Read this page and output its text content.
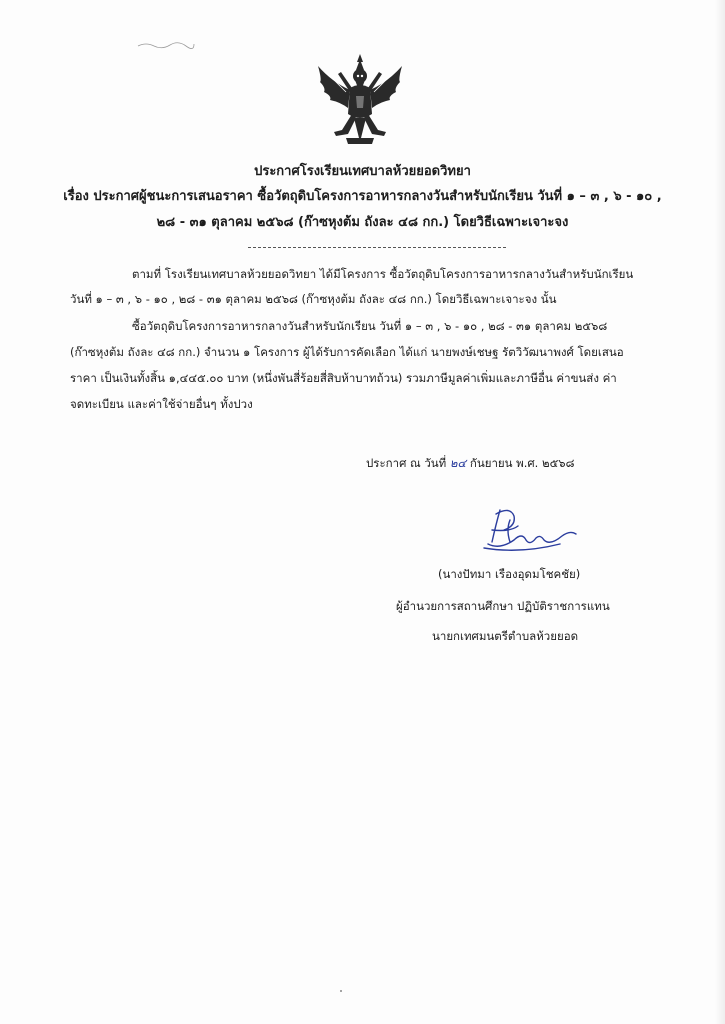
ประกาศโรงเรียนเทศบาลห้วยยอดวิทยา
เรื่อง ประกาศผู้ชนะการเสนอราคา ซื้อวัตถุดิบโครงการอาหารกลางวันสำหรับนักเรียน วันที่ ๑ – ๓ , ๖ - ๑๐ ,
๒๘ - ๓๑ ตุลาคม ๒๕๖๘ (ก๊าซหุงต้ม ถังละ ๔๘ กก.) โดยวิธีเฉพาะเจาะจง
ตามที่ โรงเรียนเทศบาลห้วยยอดวิทยา ได้มีโครงการ ซื้อวัตถุดิบโครงการอาหารกลางวันสำหรับนักเรียน
วันที่ ๑ – ๓ , ๖ - ๑๐ , ๒๘ - ๓๑ ตุลาคม ๒๕๖๘ (ก๊าซหุงต้ม ถังละ ๔๘ กก.) โดยวิธีเฉพาะเจาะจง นั้น
ซื้อวัตถุดิบโครงการอาหารกลางวันสำหรับนักเรียน วันที่ ๑ – ๓ , ๖ - ๑๐ , ๒๘ - ๓๑ ตุลาคม ๒๕๖๘
(ก๊าซหุงต้ม ถังละ ๔๘ กก.) จำนวน ๑ โครงการ ผู้ได้รับการคัดเลือก ได้แก่ นายพงษ์เชษฐ รัตวิวัฒนาพงศ์ โดยเสนอ
ราคา เป็นเงินทั้งสิ้น ๑,๔๔๕.๐๐ บาท (หนึ่งพันสี่ร้อยสี่สิบห้าบาทถ้วน) รวมภาษีมูลค่าเพิ่มและภาษีอื่น ค่าขนส่ง ค่า
จดทะเบียน และค่าใช้จ่ายอื่นๆ ทั้งปวง
ประกาศ ณ วันที่ ๒๔ กันยายน พ.ศ. ๒๕๖๘
(นางปัทมา เรืองอุดมโชคชัย)
ผู้อำนวยการสถานศึกษา ปฏิบัติราชการแทน
นายกเทศมนตรีตำบลห้วยยอด
